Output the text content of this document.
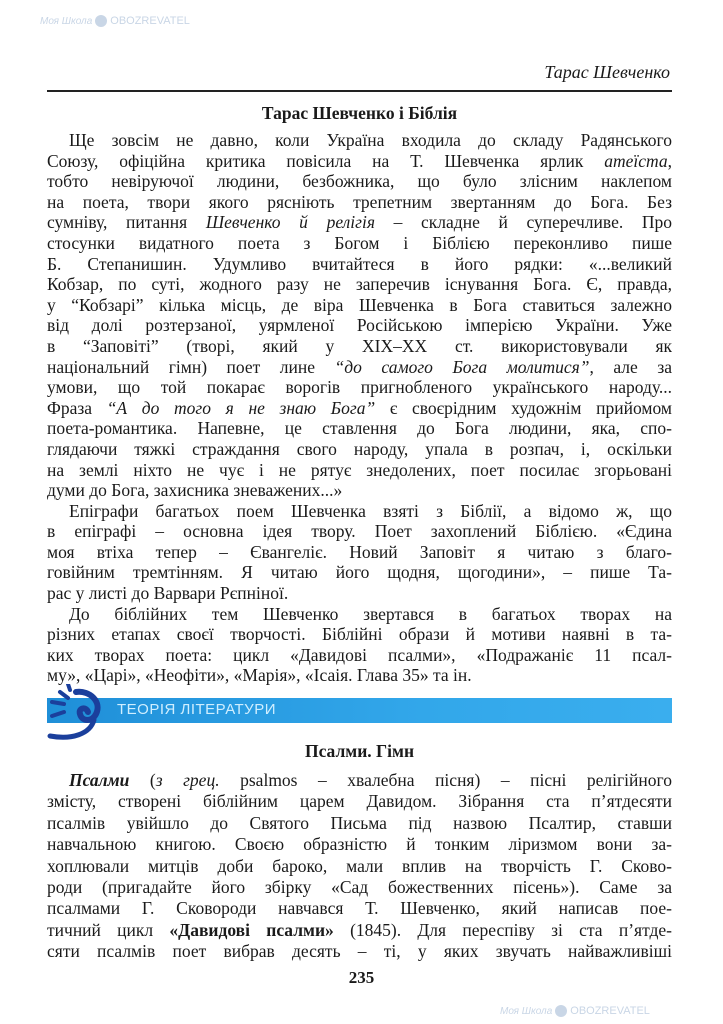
Моя Школа OBOZREVATEL
Моя Школа OBOZREVATEL
Тарас Шевченко
Тарас Шевченко і Біблія
Ще зовсім не давно, коли Україна входила до складу Радянського
Союзу, офіційна критика повісила на Т. Шевченка ярлик атеїста,
тобто невіруючої людини, безбожника, що було злісним наклепом
на поета, твори якого рясніють трепетним звертанням до Бога. Без
сумніву, питання Шевченко й релігія – складне й суперечливе. Про
стосунки видатного поета з Богом і Біблією переконливо пише
Б. Степанишин. Удумливо вчитайтеся в його рядки: «...великий
Кобзар, по суті, жодного разу не заперечив існування Бога. Є, правда,
у “Кобзарі” кілька місць, де віра Шевченка в Бога ставиться залежно
від долі розтерзаної, уярмленої Російською імперією України. Уже
в “Заповіті” (творі, який у XIX–XX ст. використовували як
національний гімн) поет лине “до самого Бога молитися”, але за
умови, що той покарає ворогів пригнобленого українського народу...
Фраза “А до того я не знаю Бога” є своєрідним художнім прийомом
поета-романтика. Напевне, це ставлення до Бога людини, яка, спо-
глядаючи тяжкі страждання свого народу, упала в розпач, і, оскільки
на землі ніхто не чує і не рятує знедолених, поет посилає згорьовані
думи до Бога, захисника зневажених...»
Епіграфи багатьох поем Шевченка взяті з Біблії, а відомо ж, що
в епіграфі – основна ідея твору. Поет захоплений Біблією. «Єдина
моя втіха тепер – Євангеліє. Новий Заповіт я читаю з благо-
говійним тремтінням. Я читаю його щодня, щогодини», – пише Та-
рас у листі до Варвари Рєпніної.
До біблійних тем Шевченко звертався в багатьох творах на
різних етапах своєї творчості. Біблійні образи й мотиви наявні в та-
ких творах поета: цикл «Давидові псалми», «Подражаніє 11 псал-
му», «Царі», «Неофіти», «Марія», «Ісаія. Глава 35» та ін.
ТЕОРІЯ ЛІТЕРАТУРИ
Псалми. Гімн
Псалми (з грец. psalmos – хвалебна пісня) – пісні релігійного
змісту, створені біблійним царем Давидом. Зібрання ста п’ятдесяти
псалмів увійшло до Святого Письма під назвою Псалтир, ставши
навчальною книгою. Своєю образністю й тонким ліризмом вони за-
хоплювали митців доби бароко, мали вплив на творчість Г. Сково-
роди (пригадайте його збірку «Сад божественних пісень»). Саме за
псалмами Г. Сковороди навчався Т. Шевченко, який написав пое-
тичний цикл «Давидові псалми» (1845). Для переспіву зі ста п’ятде-
сяти псалмів поет вибрав десять – ті, у яких звучать найважливіші
235
